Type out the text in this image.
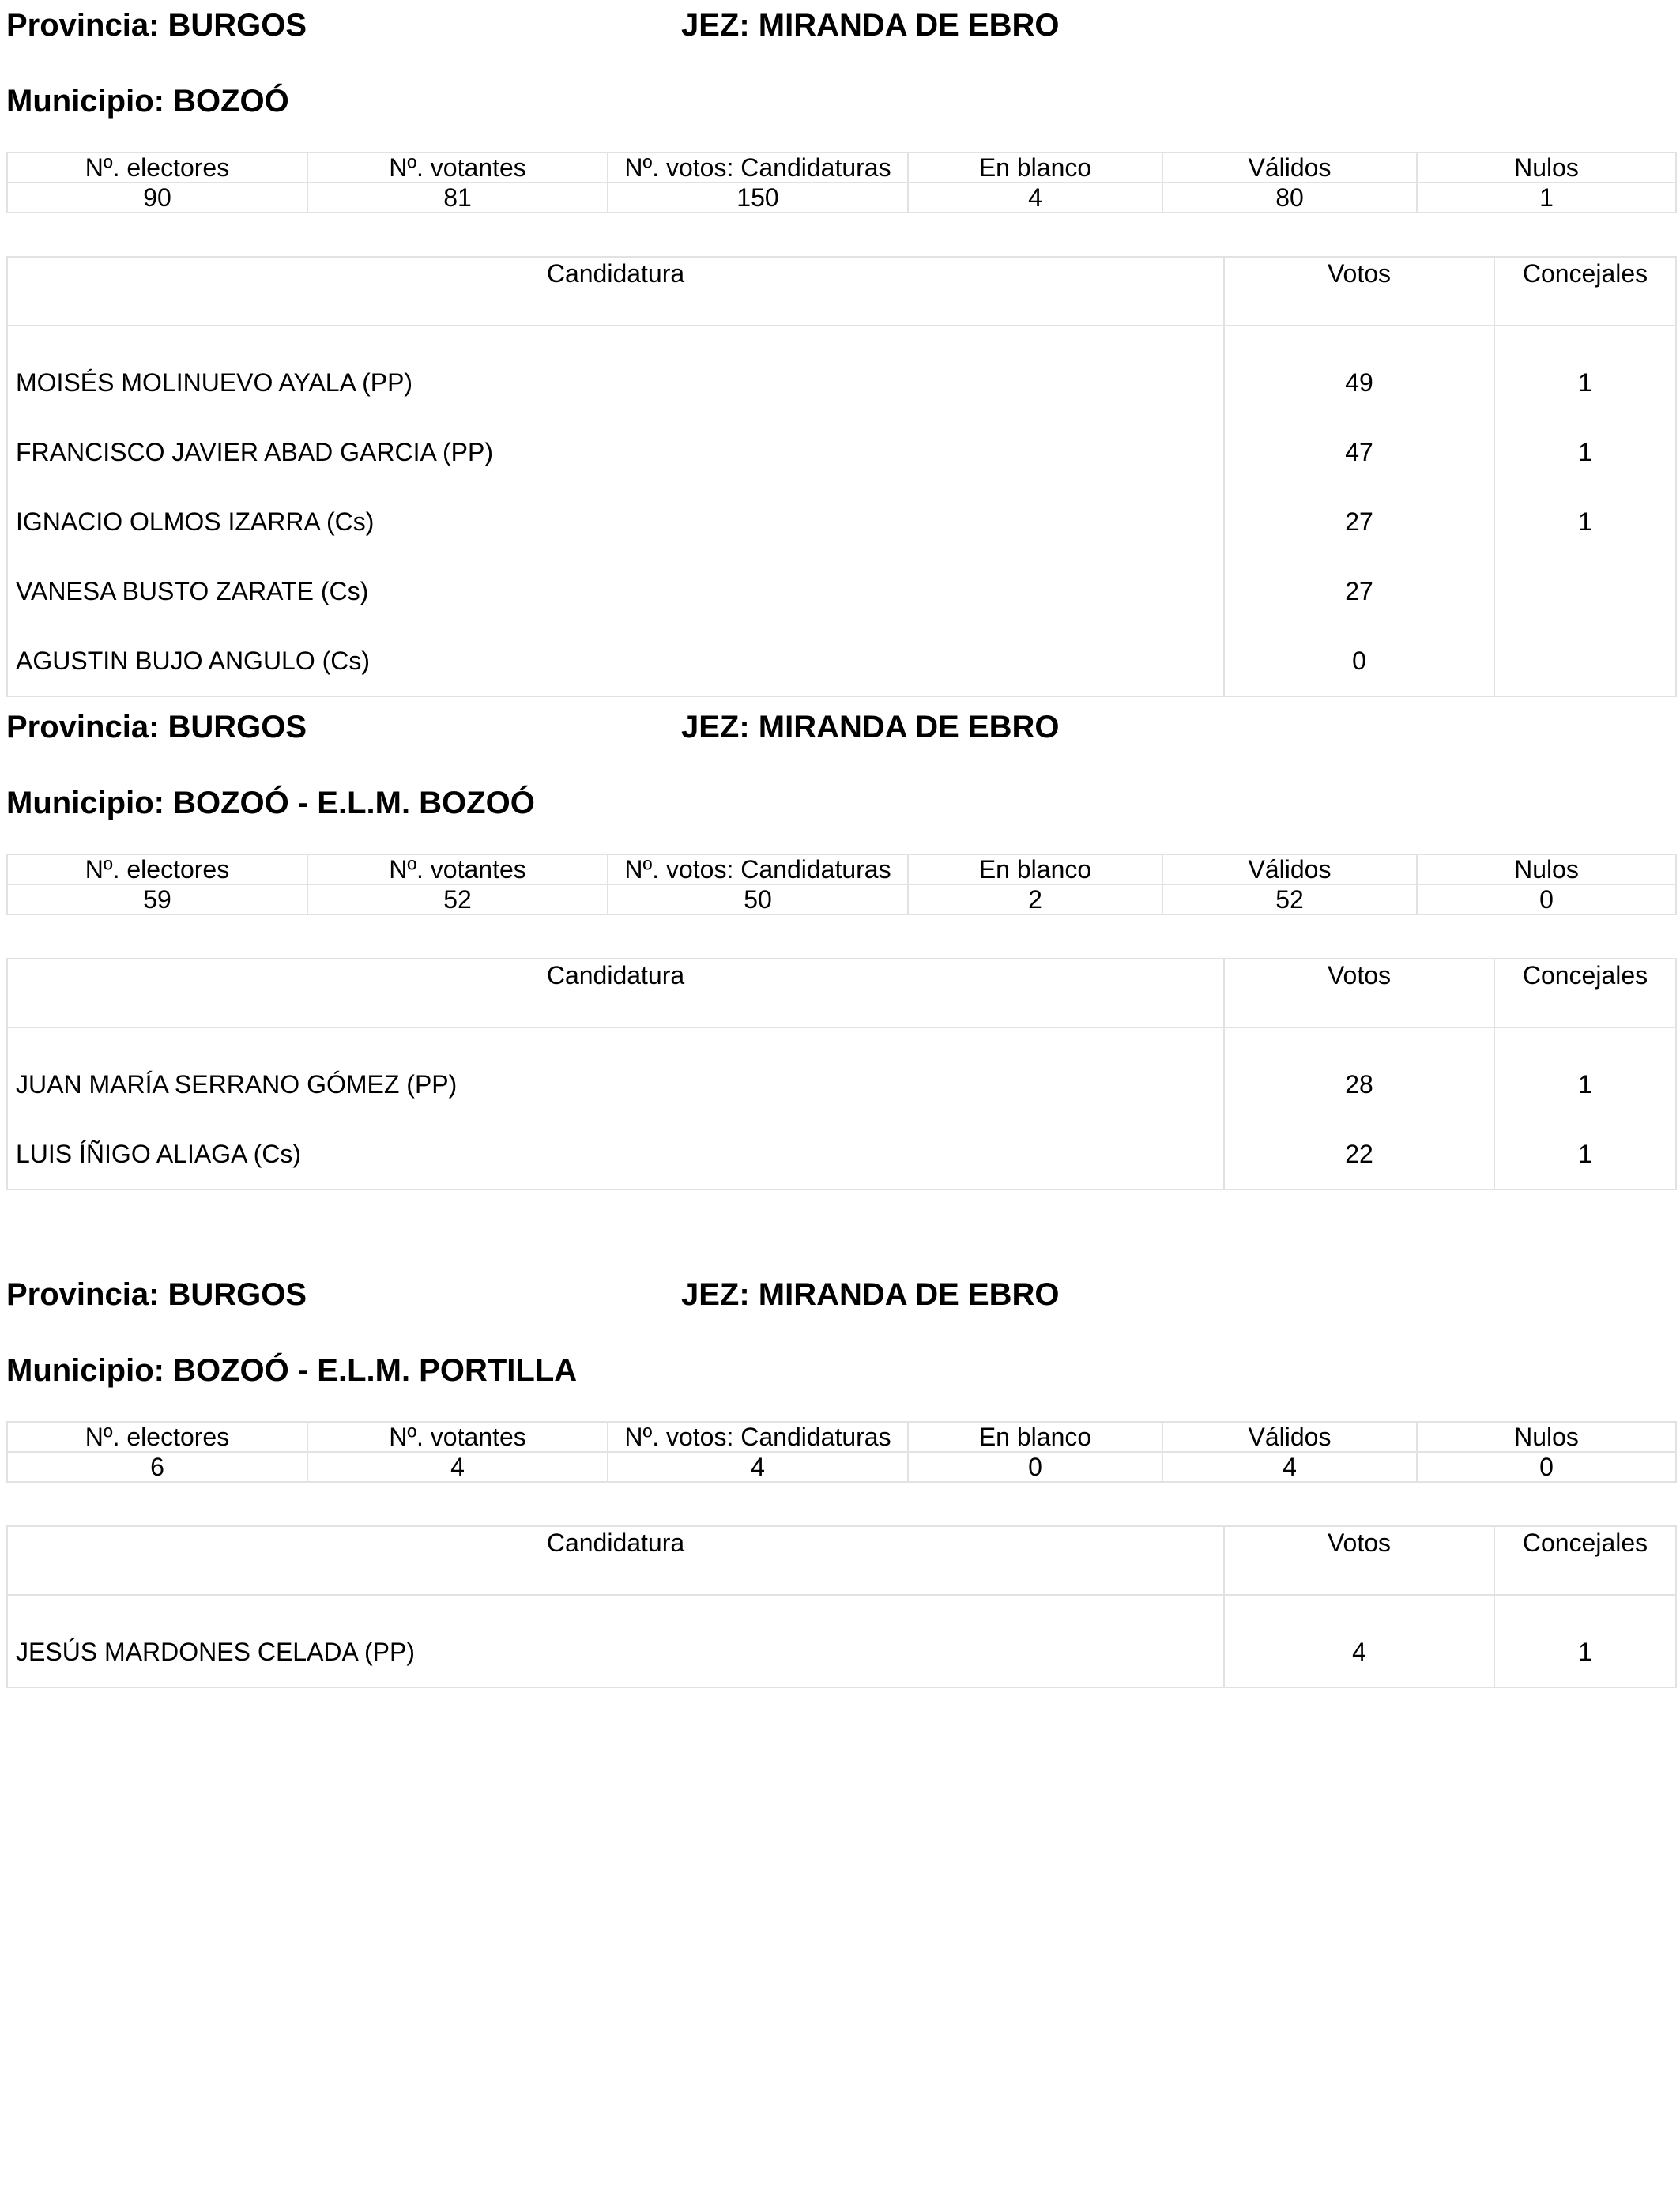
Provincia: BURGOS	JEZ: MIRANDA DE EBRO
Municipio: BOZOÓ
Nº. electores	Nº. votantes	Nº. votos: Candidaturas	En blanco	Válidos	Nulos
90	81	150	4	80	1
Candidatura	Votos	Concejales
MOISÉS MOLINUEVO AYALA (PP)	49	1
FRANCISCO JAVIER ABAD GARCIA (PP)	47	1
IGNACIO OLMOS IZARRA (Cs)	27	1
VANESA BUSTO ZARATE (Cs)	27	
AGUSTIN BUJO ANGULO (Cs)	0	
Provincia: BURGOS	JEZ: MIRANDA DE EBRO
Municipio: BOZOÓ - E.L.M. BOZOÓ
Nº. electores	Nº. votantes	Nº. votos: Candidaturas	En blanco	Válidos	Nulos
59	52	50	2	52	0
Candidatura	Votos	Concejales
JUAN MARÍA SERRANO GÓMEZ (PP)	28	1
LUIS ÍÑIGO ALIAGA (Cs)	22	1
Provincia: BURGOS	JEZ: MIRANDA DE EBRO
Municipio: BOZOÓ - E.L.M. PORTILLA
Nº. electores	Nº. votantes	Nº. votos: Candidaturas	En blanco	Válidos	Nulos
6	4	4	0	4	0
Candidatura	Votos	Concejales
JESÚS MARDONES CELADA (PP)	4	1
